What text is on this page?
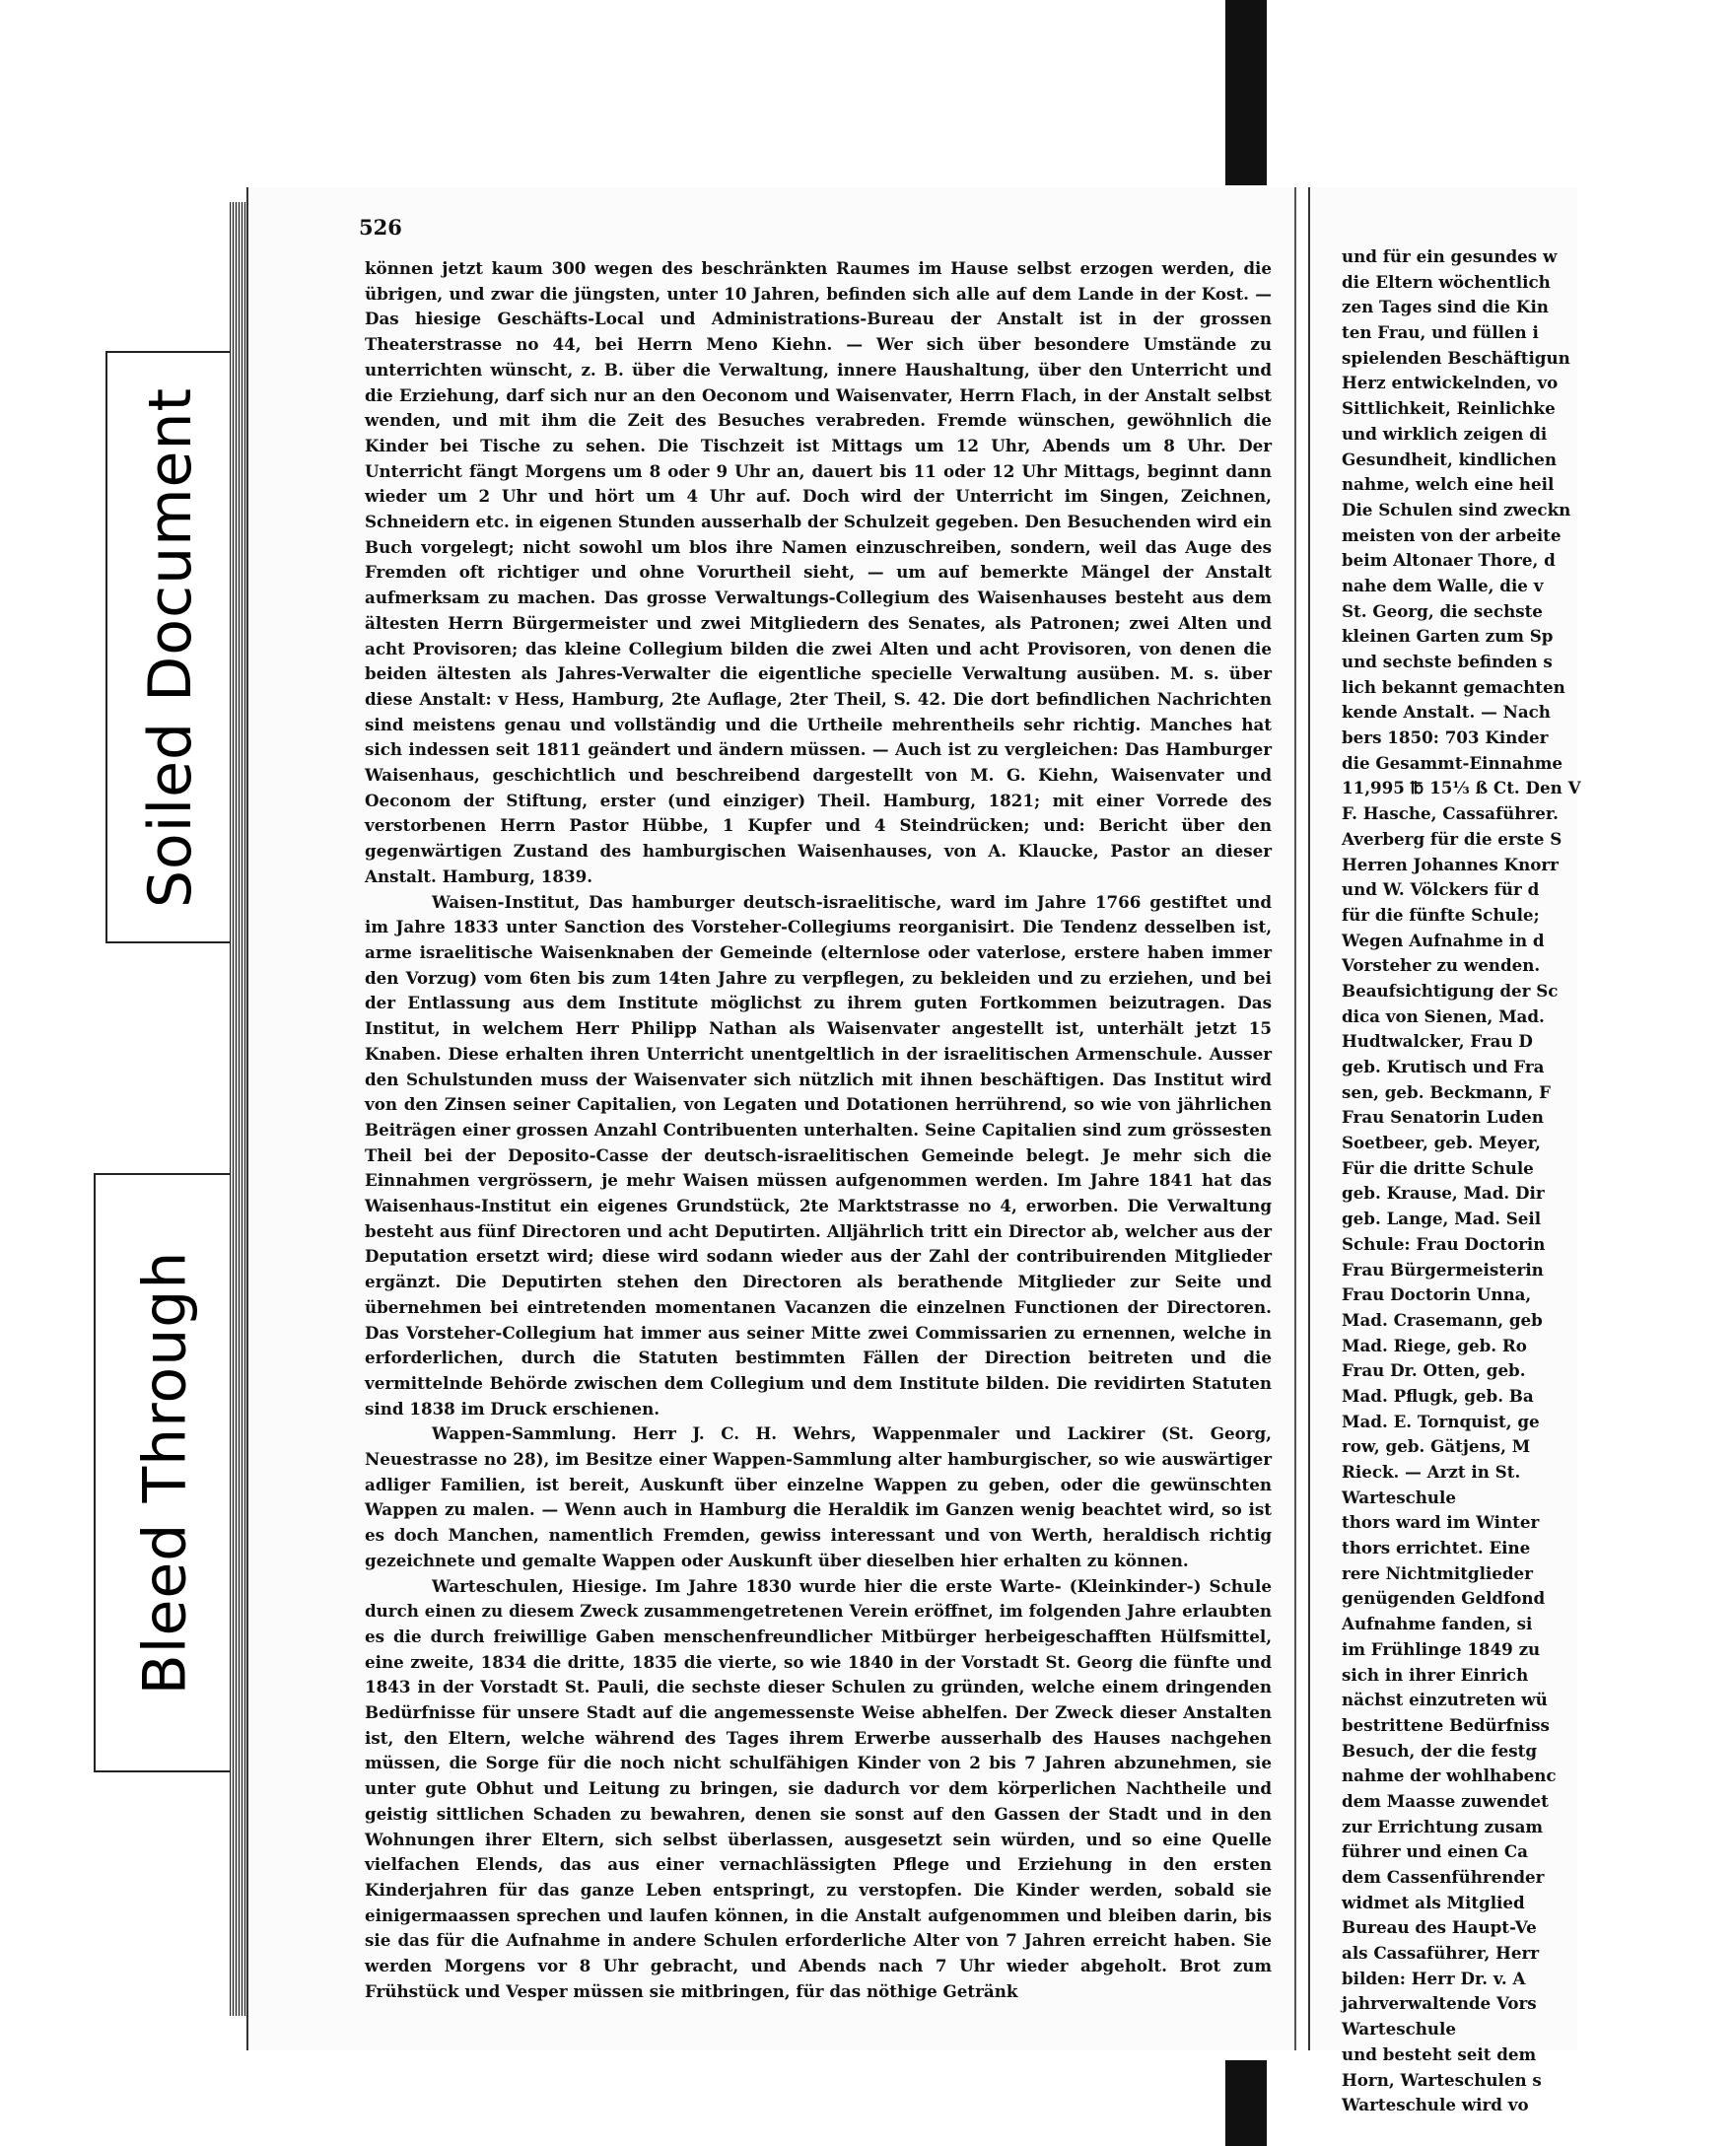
Soiled Document
Bleed Through
526

können jetzt kaum 300 wegen des beschränkten Raumes im Hause selbst erzogen werden, die übrigen, und zwar die jüngsten, unter 10 Jahren, befinden sich alle auf dem Lande in der Kost. — Das hiesige Geschäfts-Local und Administrations-Bureau der Anstalt ist in der grossen Theaterstrasse no 44, bei Herrn Meno Kiehn. — Wer sich über besondere Umstände zu unterrichten wünscht, z. B. über die Verwaltung, innere Haushaltung, über den Unterricht und die Erziehung, darf sich nur an den Oeconom und Waisenvater, Herrn Flach, in der Anstalt selbst wenden, und mit ihm die Zeit des Besuches verabreden. Fremde wünschen, gewöhnlich die Kinder bei Tische zu sehen. Die Tischzeit ist Mittags um 12 Uhr, Abends um 8 Uhr. Der Unterricht fängt Morgens um 8 oder 9 Uhr an, dauert bis 11 oder 12 Uhr Mittags, beginnt dann wieder um 2 Uhr und hört um 4 Uhr auf. Doch wird der Unterricht im Singen, Zeichnen, Schneidern etc. in eigenen Stunden ausserhalb der Schulzeit gegeben. Den Besuchenden wird ein Buch vorgelegt; nicht sowohl um blos ihre Namen einzuschreiben, sondern, weil das Auge des Fremden oft richtiger und ohne Vorurtheil sieht, — um auf bemerkte Mängel der Anstalt aufmerksam zu machen. Das grosse Verwaltungs-Collegium des Waisenhauses besteht aus dem ältesten Herrn Bürgermeister und zwei Mitgliedern des Senates, als Patronen; zwei Alten und acht Provisoren; das kleine Collegium bilden die zwei Alten und acht Provisoren, von denen die beiden ältesten als Jahres-Verwalter die eigentliche specielle Verwaltung ausüben. M. s. über diese Anstalt: v Hess, Hamburg, 2te Auflage, 2ter Theil, S. 42. Die dort befindlichen Nachrichten sind meistens genau und vollständig und die Urtheile mehrentheils sehr richtig. Manches hat sich indessen seit 1811 geändert und ändern müssen. — Auch ist zu vergleichen: Das Hamburger Waisenhaus, geschichtlich und beschreibend dargestellt von M. G. Kiehn, Waisenvater und Oeconom der Stiftung, erster (und einziger) Theil. Hamburg, 1821; mit einer Vorrede des verstorbenen Herrn Pastor Hübbe, 1 Kupfer und 4 Steindrücken; und: Bericht über den gegenwärtigen Zustand des hamburgischen Waisenhauses, von A. Klaucke, Pastor an dieser Anstalt. Hamburg, 1839.

Waisen-Institut, Das hamburger deutsch-israelitische, ward im Jahre 1766 gestiftet und im Jahre 1833 unter Sanction des Vorsteher-Collegiums reorganisirt. Die Tendenz desselben ist, arme israelitische Waisenknaben der Gemeinde (elternlose oder vaterlose, erstere haben immer den Vorzug) vom 6ten bis zum 14ten Jahre zu verpflegen, zu bekleiden und zu erziehen, und bei der Entlassung aus dem Institute möglichst zu ihrem guten Fortkommen beizutragen. Das Institut, in welchem Herr Philipp Nathan als Waisenvater angestellt ist, unterhält jetzt 15 Knaben. Diese erhalten ihren Unterricht unentgeltlich in der israelitischen Armenschule. Ausser den Schulstunden muss der Waisenvater sich nützlich mit ihnen beschäftigen. Das Institut wird von den Zinsen seiner Capitalien, von Legaten und Dotationen herrührend, so wie von jährlichen Beiträgen einer grossen Anzahl Contribuenten unterhalten. Seine Capitalien sind zum grössesten Theil bei der Deposito-Casse der deutsch-israelitischen Gemeinde belegt. Je mehr sich die Einnahmen vergrössern, je mehr Waisen müssen aufgenommen werden. Im Jahre 1841 hat das Waisenhaus-Institut ein eigenes Grundstück, 2te Marktstrasse no 4, erworben. Die Verwaltung besteht aus fünf Directoren und acht Deputirten. Alljährlich tritt ein Director ab, welcher aus der Deputation ersetzt wird; diese wird sodann wieder aus der Zahl der contribuirenden Mitglieder ergänzt. Die Deputirten stehen den Directoren als berathende Mitglieder zur Seite und übernehmen bei eintretenden momentanen Vacanzen die einzelnen Functionen der Directoren. Das Vorsteher-Collegium hat immer aus seiner Mitte zwei Commissarien zu ernennen, welche in erforderlichen, durch die Statuten bestimmten Fällen der Direction beitreten und die vermittelnde Behörde zwischen dem Collegium und dem Institute bilden. Die revidirten Statuten sind 1838 im Druck erschienen.

Wappen-Sammlung. Herr J. C. H. Wehrs, Wappenmaler und Lackirer (St. Georg, Neuestrasse no 28), im Besitze einer Wappen-Sammlung alter hamburgischer, so wie auswärtiger adliger Familien, ist bereit, Auskunft über einzelne Wappen zu geben, oder die gewünschten Wappen zu malen. — Wenn auch in Hamburg die Heraldik im Ganzen wenig beachtet wird, so ist es doch Manchen, namentlich Fremden, gewiss interessant und von Werth, heraldisch richtig gezeichnete und gemalte Wappen oder Auskunft über dieselben hier erhalten zu können.

Warteschulen, Hiesige. Im Jahre 1830 wurde hier die erste Warte- (Kleinkinder-) Schule durch einen zu diesem Zweck zusammengetretenen Verein eröffnet, im folgenden Jahre erlaubten es die durch freiwillige Gaben menschenfreundlicher Mitbürger herbeigeschafften Hülfsmittel, eine zweite, 1834 die dritte, 1835 die vierte, so wie 1840 in der Vorstadt St. Georg die fünfte und 1843 in der Vorstadt St. Pauli, die sechste dieser Schulen zu gründen, welche einem dringenden Bedürfnisse für unsere Stadt auf die angemessenste Weise abhelfen. Der Zweck dieser Anstalten ist, den Eltern, welche während des Tages ihrem Erwerbe ausserhalb des Hauses nachgehen müssen, die Sorge für die noch nicht schulfähigen Kinder von 2 bis 7 Jahren abzunehmen, sie unter gute Obhut und Leitung zu bringen, sie dadurch vor dem körperlichen Nachtheile und geistig sittlichen Schaden zu bewahren, denen sie sonst auf den Gassen der Stadt und in den Wohnungen ihrer Eltern, sich selbst überlassen, ausgesetzt sein würden, und so eine Quelle vielfachen Elends, das aus einer vernachlässigten Pflege und Erziehung in den ersten Kinderjahren für das ganze Leben entspringt, zu verstopfen. Die Kinder werden, sobald sie einigermaassen sprechen und laufen können, in die Anstalt aufgenommen und bleiben darin, bis sie das für die Aufnahme in andere Schulen erforderliche Alter von 7 Jahren erreicht haben. Sie werden Morgens vor 8 Uhr gebracht, und Abends nach 7 Uhr wieder abgeholt. Brot zum Frühstück und Vesper müssen sie mitbringen, für das nöthige Getränk

und für ein gesundes w
die Eltern wöchentlich
zen Tages sind die Kin
ten Frau, und füllen i
spielenden Beschäftigun
Herz entwickelnden, vo
Sittlichkeit, Reinlichke
und wirklich zeigen di
Gesundheit, kindlichen
nahme, welch eine heil
Die Schulen sind zweckn
meisten von der arbeite
beim Altonaer Thore, d
nahe dem Walle, die v
St. Georg, die sechste
kleinen Garten zum Sp
und sechste befinden s
lich bekannt gemachten
kende Anstalt. — Nach
bers 1850: 703 Kinder
die Gesammt-Einnahme
11,995 ℔ 15⅓ ß Ct. Den V
F. Hasche, Cassaführer.
Averberg für die erste S
Herren Johannes Knorr
und W. Völckers für d
für die fünfte Schule;
Wegen Aufnahme in d
Vorsteher zu wenden.
Beaufsichtigung der Sc
dica von Sienen, Mad.
Hudtwalcker, Frau D
geb. Krutisch und Fra
sen, geb. Beckmann, F
Frau Senatorin Luden
Soetbeer, geb. Meyer,
Für die dritte Schule
geb. Krause, Mad. Dir
geb. Lange, Mad. Seil
Schule: Frau Doctorin
Frau Bürgermeisterin
Frau Doctorin Unna,
Mad. Crasemann, geb
Mad. Riege, geb. Ro
Frau Dr. Otten, geb.
Mad. Pflugk, geb. Ba
Mad. E. Tornquist, ge
row, geb. Gätjens, M
Rieck. — Arzt in St.
Warteschule
thors ward im Winter
thors errichtet. Eine
rere Nichtmitglieder
genügenden Geldfond
Aufnahme fanden, si
im Frühlinge 1849 zu
sich in ihrer Einrich
nächst einzutreten wü
bestrittene Bedürfniss
Besuch, der die festg
nahme der wohlhabenc
dem Maasse zuwendet
zur Errichtung zusam
führer und einen Ca
dem Cassenführender
widmet als Mitglied
Bureau des Haupt-Ve
als Cassaführer, Herr
bilden: Herr Dr. v. A
jahrverwaltende Vors
Warteschule
und besteht seit dem
Horn, Warteschulen s
Warteschule wird vo
